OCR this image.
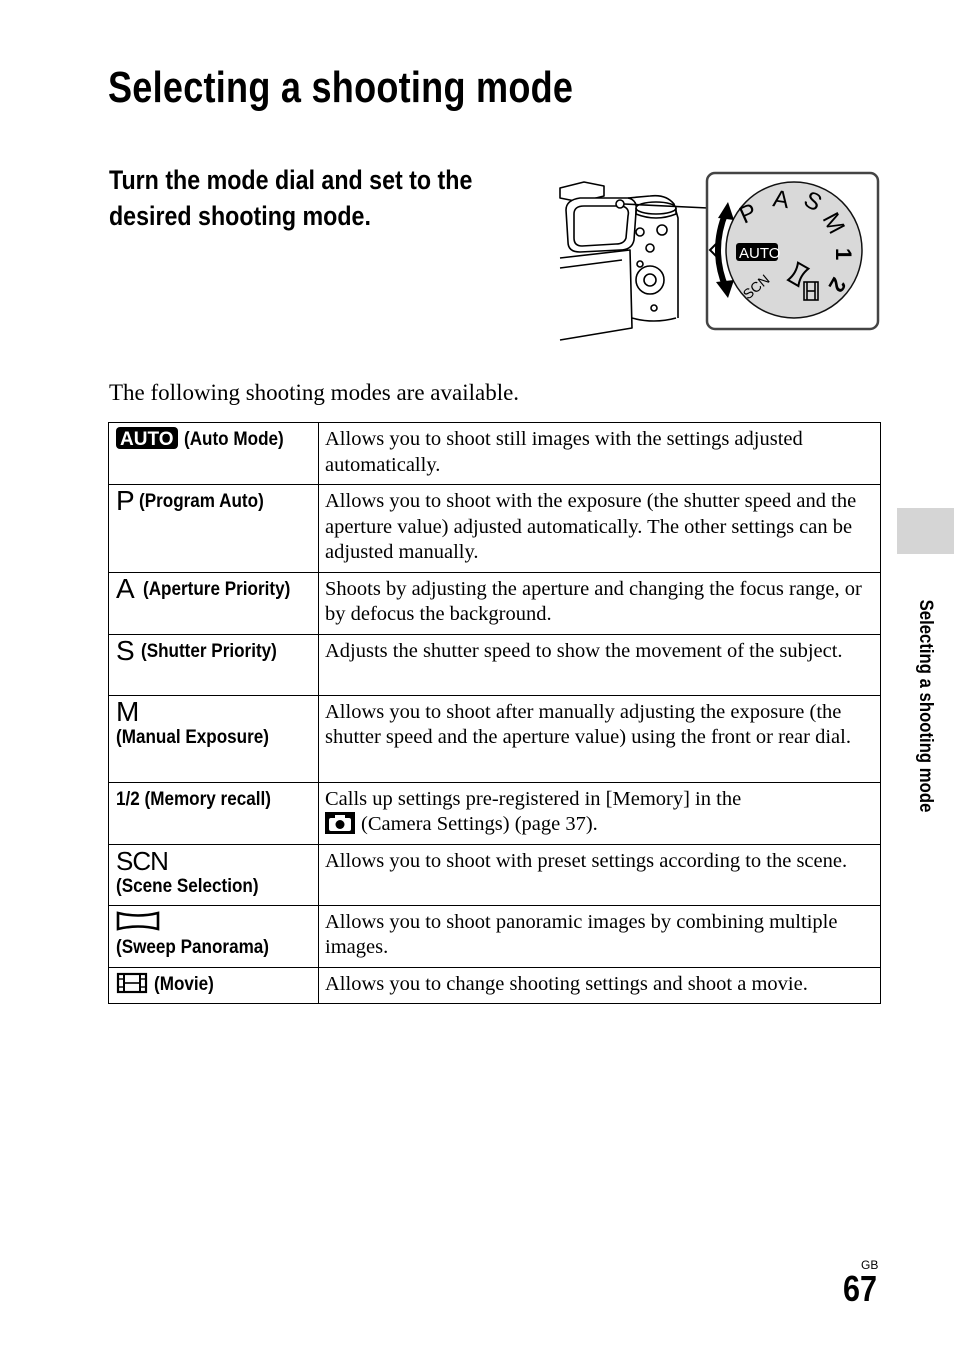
Selecting a shooting mode
Turn the mode dial and set to the desired shooting mode.	S
A
P M
1
2
SCN
AUTO

The following shooting modes are available.

AUTO (Auto Mode)	Allows you to shoot still images with the settings adjusted automatically.

P (Program Auto)	Allows you to shoot with the exposure (the shutter speed and the aperture value) adjusted automatically. The other settings can be adjusted manually.

A (Aperture Priority)	Shoots by adjusting the aperture and changing the focus range, or by defocus the background.

S (Shutter Priority)	Adjusts the shutter speed to show the movement of the subject.

M(Manual Exposure)	Allows you to shoot after manually adjusting the exposure (the shutter speed and the aperture value) using the front or rear dial.

1/2 (Memory recall)	Calls up settings pre-registered in [Memory] in the
(Camera Settings) (page 37).

SCN(Scene Selection)	Allows you to shoot with preset settings according to the scene.

(Sweep Panorama)	Allows you to shoot panoramic images by combining multiple images.

(Movie)	Allows you to change shooting settings and shoot a movie.
Selecting a shooting mode
GB
67
